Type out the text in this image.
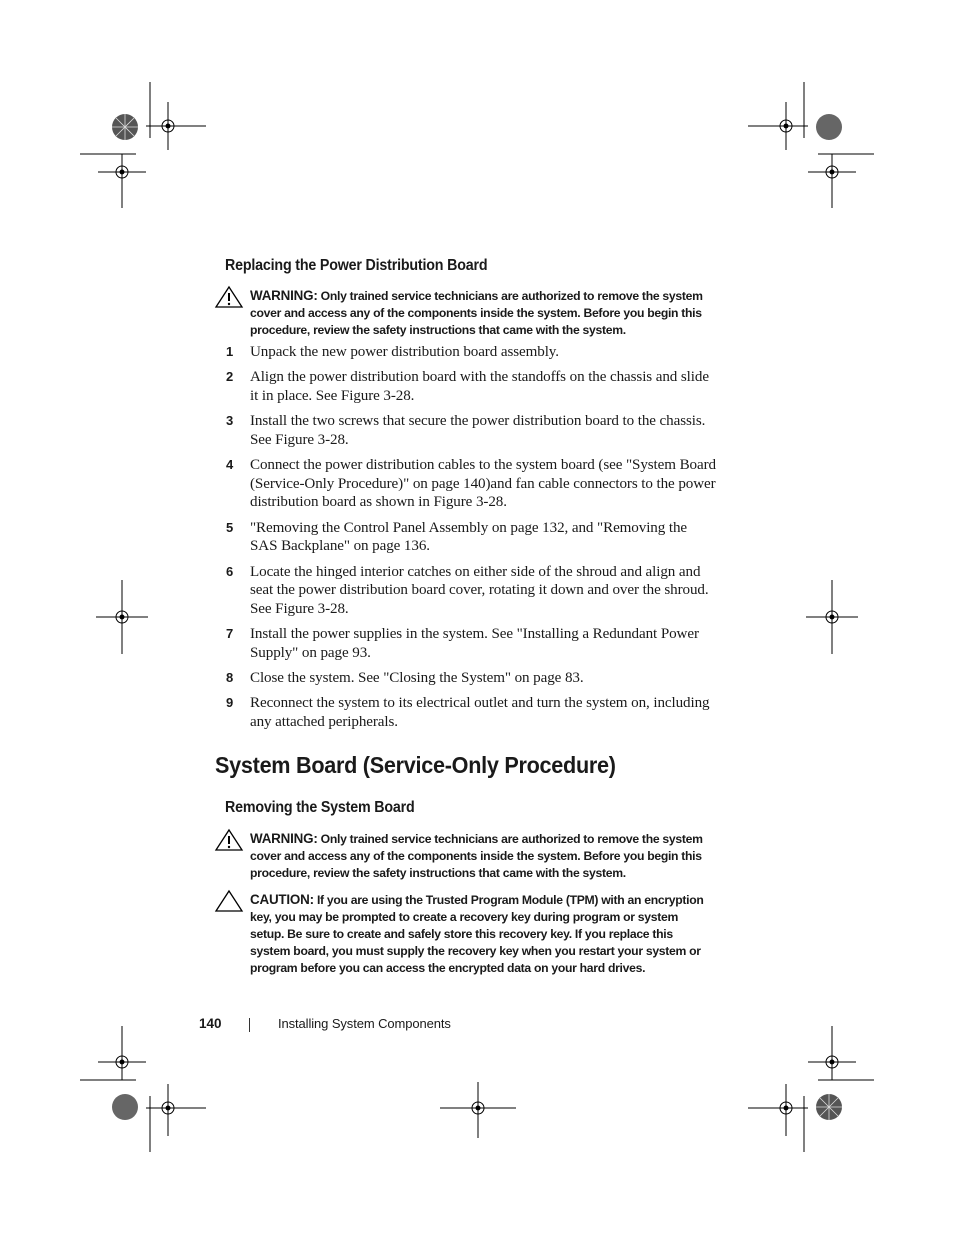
Replacing the Power Distribution Board
WARNING: Only trained service technicians are authorized to remove the system cover and access any of the components inside the system. Before you begin this procedure, review the safety instructions that came with the system.
1 Unpack the new power distribution board assembly.
2 Align the power distribution board with the standoffs on the chassis and slide it in place. See Figure 3-28.
3 Install the two screws that secure the power distribution board to the chassis. See Figure 3-28.
4 Connect the power distribution cables to the system board (see "System Board (Service-Only Procedure)" on page 140)and fan cable connectors to the power distribution board as shown in Figure 3-28.
5 "Removing the Control Panel Assembly on page 132, and "Removing the SAS Backplane" on page 136.
6 Locate the hinged interior catches on either side of the shroud and align and seat the power distribution board cover, rotating it down and over the shroud. See Figure 3-28.
7 Install the power supplies in the system. See "Installing a Redundant Power Supply" on page 93.
8 Close the system. See "Closing the System" on page 83.
9 Reconnect the system to its electrical outlet and turn the system on, including any attached peripherals.
System Board (Service-Only Procedure)
Removing the System Board
WARNING: Only trained service technicians are authorized to remove the system cover and access any of the components inside the system. Before you begin this procedure, review the safety instructions that came with the system.
CAUTION: If you are using the Trusted Program Module (TPM) with an encryption key, you may be prompted to create a recovery key during program or system setup. Be sure to create and safely store this recovery key. If you replace this system board, you must supply the recovery key when you restart your system or program before you can access the encrypted data on your hard drives.
140	Installing System Components
